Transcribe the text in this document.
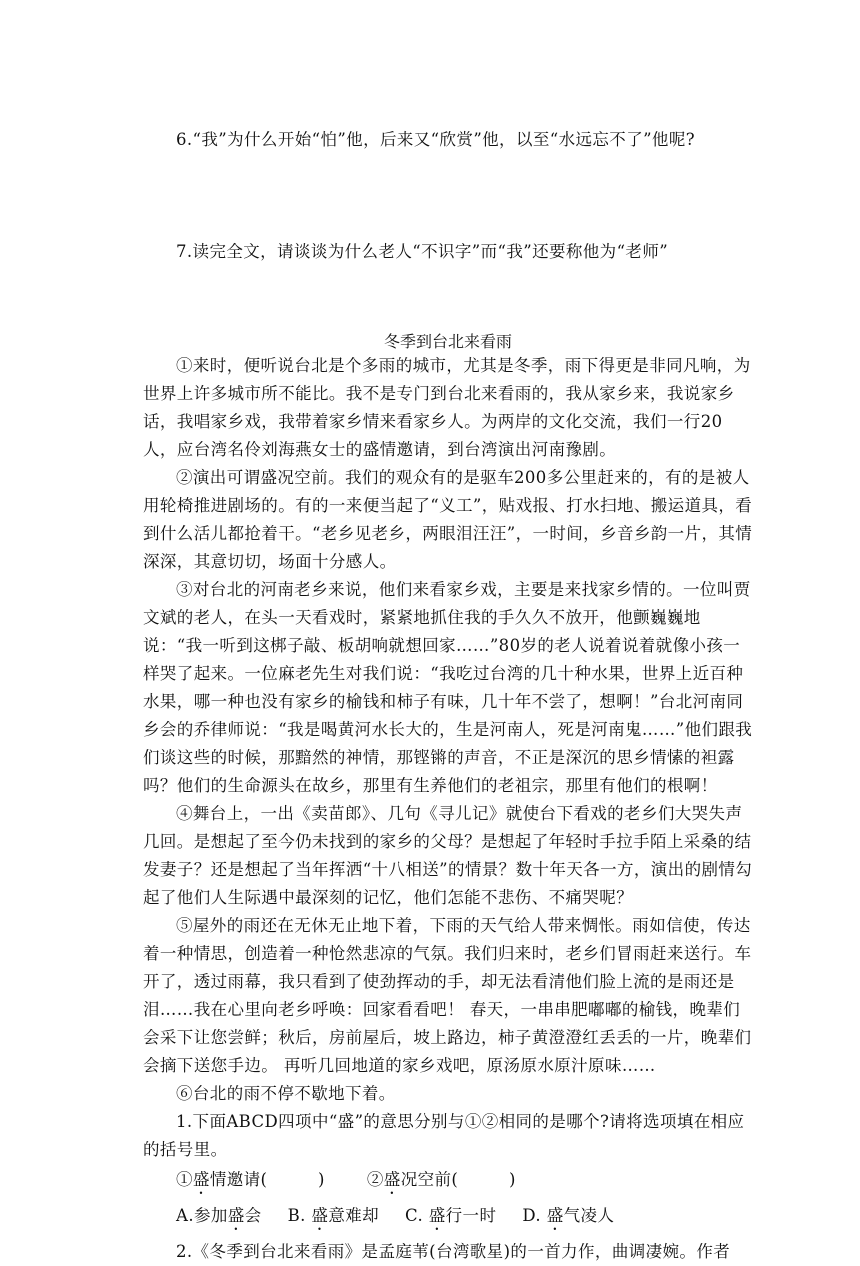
6.“我”为什么开始“怕”他，后来又“欣赏”他，以至“水远忘不了”他呢?
7.读完全文，请谈谈为什么老人“不识字”而“我”还要称他为“老师”
冬季到台北来看雨
①来时，便听说台北是个多雨的城市，尤其是冬季，雨下得更是非同凡响，为世界上许多城市所不能比。我不是专门到台北来看雨的，我从家乡来，我说家乡话，我唱家乡戏，我带着家乡情来看家乡人。为两岸的文化交流，我们一行20人，应台湾名伶刘海燕女士的盛情邀请，到台湾演出河南豫剧。
②演出可谓盛况空前。我们的观众有的是驱车200多公里赶来的，有的是被人用轮椅推进剧场的。有的一来便当起了“义工”，贴戏报、打水扫地、搬运道具，看到什么活儿都抢着干。“老乡见老乡，两眼泪汪汪”，一时间，乡音乡韵一片，其情深深，其意切切，场面十分感人。
③对台北的河南老乡来说，他们来看家乡戏，主要是来找家乡情的。一位叫贾文斌的老人，在头一天看戏时，紧紧地抓住我的手久久不放开，他颤巍巍地说：“我一听到这梆子敲、板胡响就想回家……”80岁的老人说着说着就像小孩一样哭了起来。一位麻老先生对我们说：“我吃过台湾的几十种水果，世界上近百种水果，哪一种也没有家乡的榆钱和柿子有味，几十年不尝了，想啊！”台北河南同乡会的乔律师说：“我是喝黄河水长大的，生是河南人，死是河南鬼……”他们跟我们谈这些的时候，那黯然的神情，那铿锵的声音，不正是深沉的思乡情愫的袒露吗？他们的生命源头在故乡，那里有生养他们的老祖宗，那里有他们的根啊！
④舞台上，一出《卖苗郎》、几句《寻儿记》就使台下看戏的老乡们大哭失声几回。是想起了至今仍未找到的家乡的父母？是想起了年轻时手拉手陌上采桑的结发妻子？还是想起了当年挥洒“十八相送”的情景？数十年天各一方，演出的剧情勾起了他们人生际遇中最深刻的记忆，他们怎能不悲伤、不痛哭呢？
⑤屋外的雨还在无休无止地下着，下雨的天气给人带来惆怅。雨如信使，传达着一种情思，创造着一种怆然悲凉的气氛。我们归来时，老乡们冒雨赶来送行。车开了，透过雨幕，我只看到了使劲挥动的手，却无法看清他们脸上流的是雨还是泪……我在心里向老乡呼唤：回家看看吧！ 春天，一串串肥嘟嘟的榆钱，晚辈们会采下让您尝鲜；秋后，房前屋后，坡上路边，柿子黄澄澄红丢丢的一片，晚辈们会摘下送您手边。 再听几回地道的家乡戏吧，原汤原水原汁原味……
⑥台北的雨不停不歇地下着。
1.下面ABCD四项中“盛”的意思分别与①②相同的是哪个?请将选项填在相应的括号里。
①盛情邀请(　　　)	②盛况空前(　　　)
A.参加盛会 B. 盛意难却 C. 盛行一时 D. 盛气凌人
2.《冬季到台北来看雨》是孟庭苇(台湾歌星)的一首力作，曲调凄婉。作者
